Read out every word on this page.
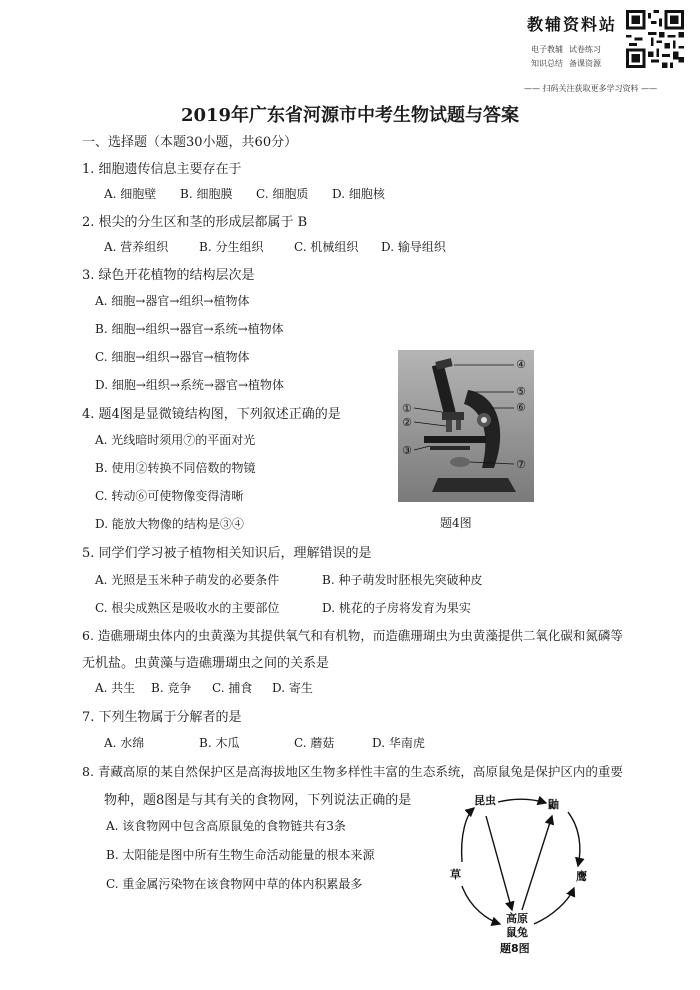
教辅资料站
电子教辅 试卷练习
知识总结 备课资源
—— 扫码关注获取更多学习资料 ——
2019年广东省河源市中考生物试题与答案
一、选择题（本题30小题，共60分）
1. 细胞遗传信息主要存在于
A. 细胞壁 B. 细胞膜 C. 细胞质 D. 细胞核
2. 根尖的分生区和茎的形成层都属于 B
A. 营养组织	B. 分生组织	C. 机械组织 D. 输导组织
3. 绿色开花植物的结构层次是
A. 细胞→器官→组织→植物体
B. 细胞→组织→器官→系统→植物体
C. 细胞→组织→器官→植物体
D. 细胞→组织→系统→器官→植物体
4. 题4图是显微镜结构图，下列叙述正确的是
A. 光线暗时须用⑦的平面对光
B. 使用②转换不同倍数的物镜
C. 转动⑥可使物像变得清晰
D. 能放大物像的结构是③④
④
⑤
⑥
①
②
③
⑦
题4图
5. 同学们学习被子植物相关知识后，理解错误的是
A. 光照是玉米种子萌发的必要条件	B. 种子萌发时胚根先突破种皮
C. 根尖成熟区是吸收水的主要部位	D. 桃花的子房将发育为果实
6. 造礁珊瑚虫体内的虫黄藻为其提供氧气和有机物，而造礁珊瑚虫为虫黄藻提供二氧化碳和氮磷等
无机盐。虫黄藻与造礁珊瑚虫之间的关系是
A. 共生 B. 竞争 C. 捕食 D. 寄生
7. 下列生物属于分解者的是
A. 水绵	B. 木瓜	C. 蘑菇	D. 华南虎
8. 青藏高原的某自然保护区是高海拔地区生物多样性丰富的生态系统，高原鼠兔是保护区内的重要
物种，题8图是与其有关的食物网，下列说法正确的是
A. 该食物网中包含高原鼠兔的食物链共有3条
B. 太阳能是图中所有生物生命活动能量的根本来源
C. 重金属污染物在该食物网中草的体内积累最多
昆虫	鼬
草	鹰
高原
鼠兔
题8图
